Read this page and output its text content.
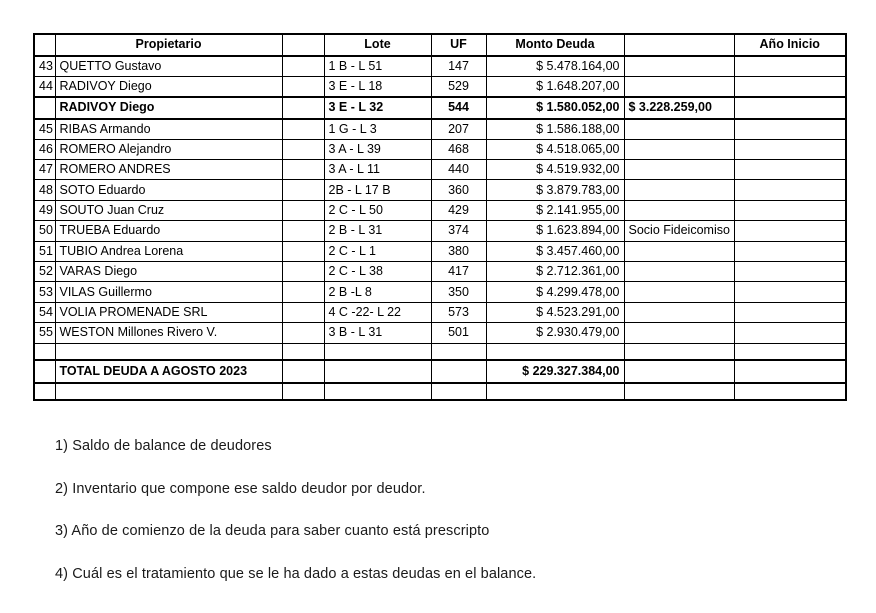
	Propietario		Lote	UF	Monto Deuda		Año Inicio
43	QUETTO Gustavo		1 B - L 51	147	$ 5.478.164,00		
44	RADIVOY Diego		3 E - L 18	529	$ 1.648.207,00		
	RADIVOY Diego		3 E - L 32	544	$ 1.580.052,00	$ 3.228.259,00	
45	RIBAS Armando		1 G - L 3	207	$ 1.586.188,00		
46	ROMERO Alejandro		3 A - L 39	468	$ 4.518.065,00		
47	ROMERO ANDRES		3 A - L 11	440	$ 4.519.932,00		
48	SOTO Eduardo		2B - L 17 B	360	$ 3.879.783,00		
49	SOUTO Juan Cruz		2 C - L 50	429	$ 2.141.955,00		
50	TRUEBA Eduardo		2 B - L 31	374	$ 1.623.894,00	Socio Fideicomiso	
51	TUBIO Andrea Lorena		2 C - L 1	380	$ 3.457.460,00		
52	VARAS Diego		2 C - L 38	417	$ 2.712.361,00		
53	VILAS Guillermo		2 B -L 8	350	$ 4.299.478,00		
54	VOLIA PROMENADE SRL		4 C -22- L 22	573	$ 4.523.291,00		
55	WESTON Millones Rivero V.		3 B - L 31	501	$ 2.930.479,00		

	TOTAL DEUDA A AGOSTO 2023				$ 229.327.384,00		

1) Saldo de balance de deudores
2) Inventario que compone ese saldo deudor por deudor.
3) Año de comienzo de la deuda para saber cuanto está prescripto
4) Cuál es el tratamiento que se le ha dado a estas deudas en el balance.
